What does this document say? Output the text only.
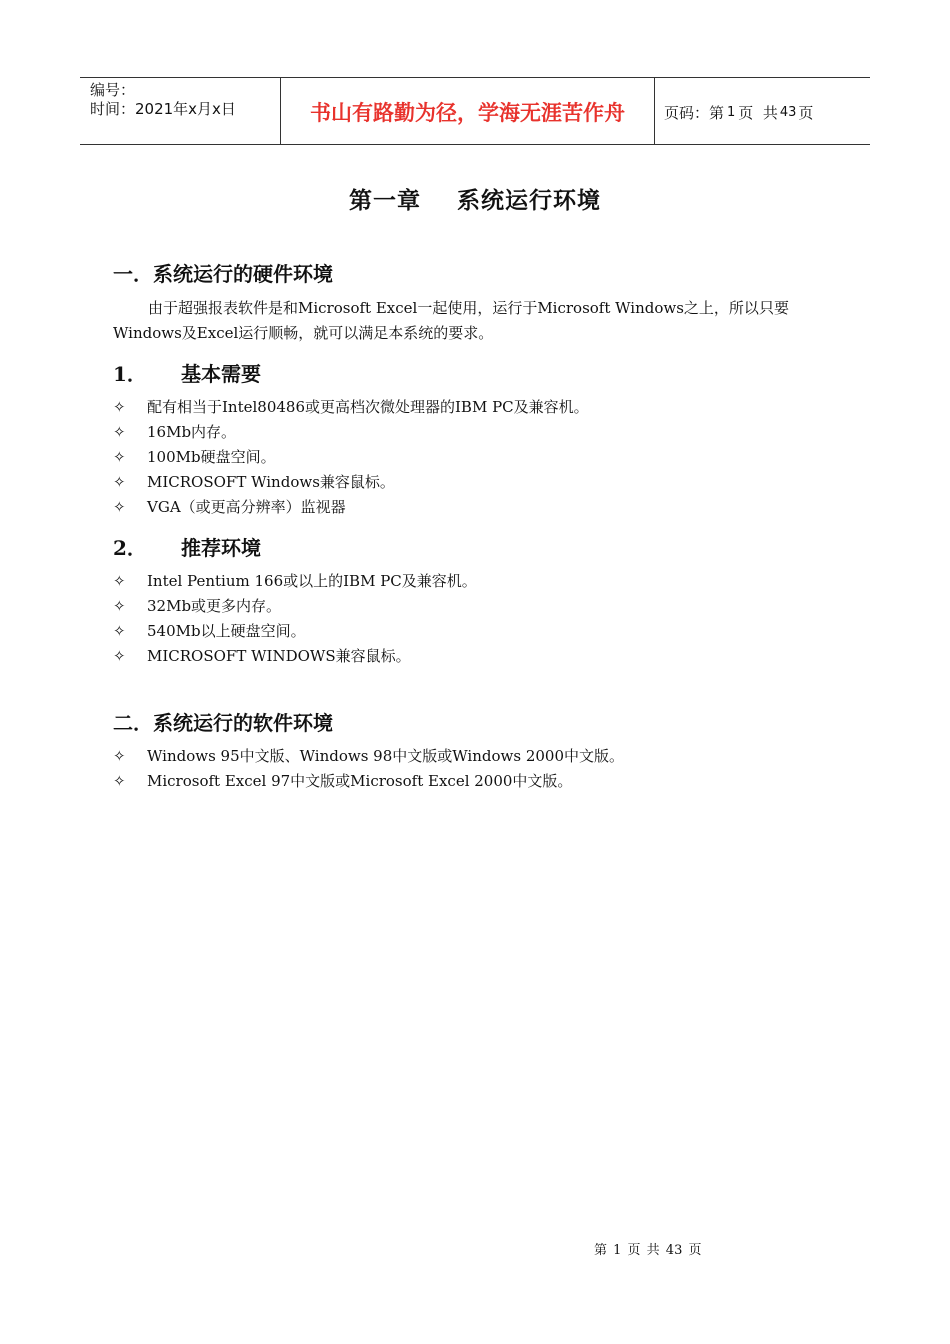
编号：
时间：2021年x月x日	书山有路勤为径，学海无涯苦作舟	页码：第 1 页  共 43 页
第一章    系统运行环境
一．系统运行的硬件环境
由于超强报表软件是和Microsoft Excel一起使用，运行于Microsoft Windows之上，所以只要Windows及Excel运行顺畅，就可以满足本系统的要求。
1．	基本需要
✧	配有相当于Intel80486或更高档次微处理器的IBM PC及兼容机。
✧	16Mb内存。
✧	100Mb硬盘空间。
✧	MICROSOFT Windows兼容鼠标。
✧	VGA（或更高分辨率）监视器
2．	推荐环境
✧	Intel Pentium 166或以上的IBM PC及兼容机。
✧	32Mb或更多内存。
✧	540Mb以上硬盘空间。
✧	MICROSOFT WINDOWS兼容鼠标。
二．系统运行的软件环境
✧	Windows 95中文版、Windows 98中文版或Windows 2000中文版。
✧	Microsoft Excel 97中文版或Microsoft Excel 2000中文版。
第 1 页 共 43 页
